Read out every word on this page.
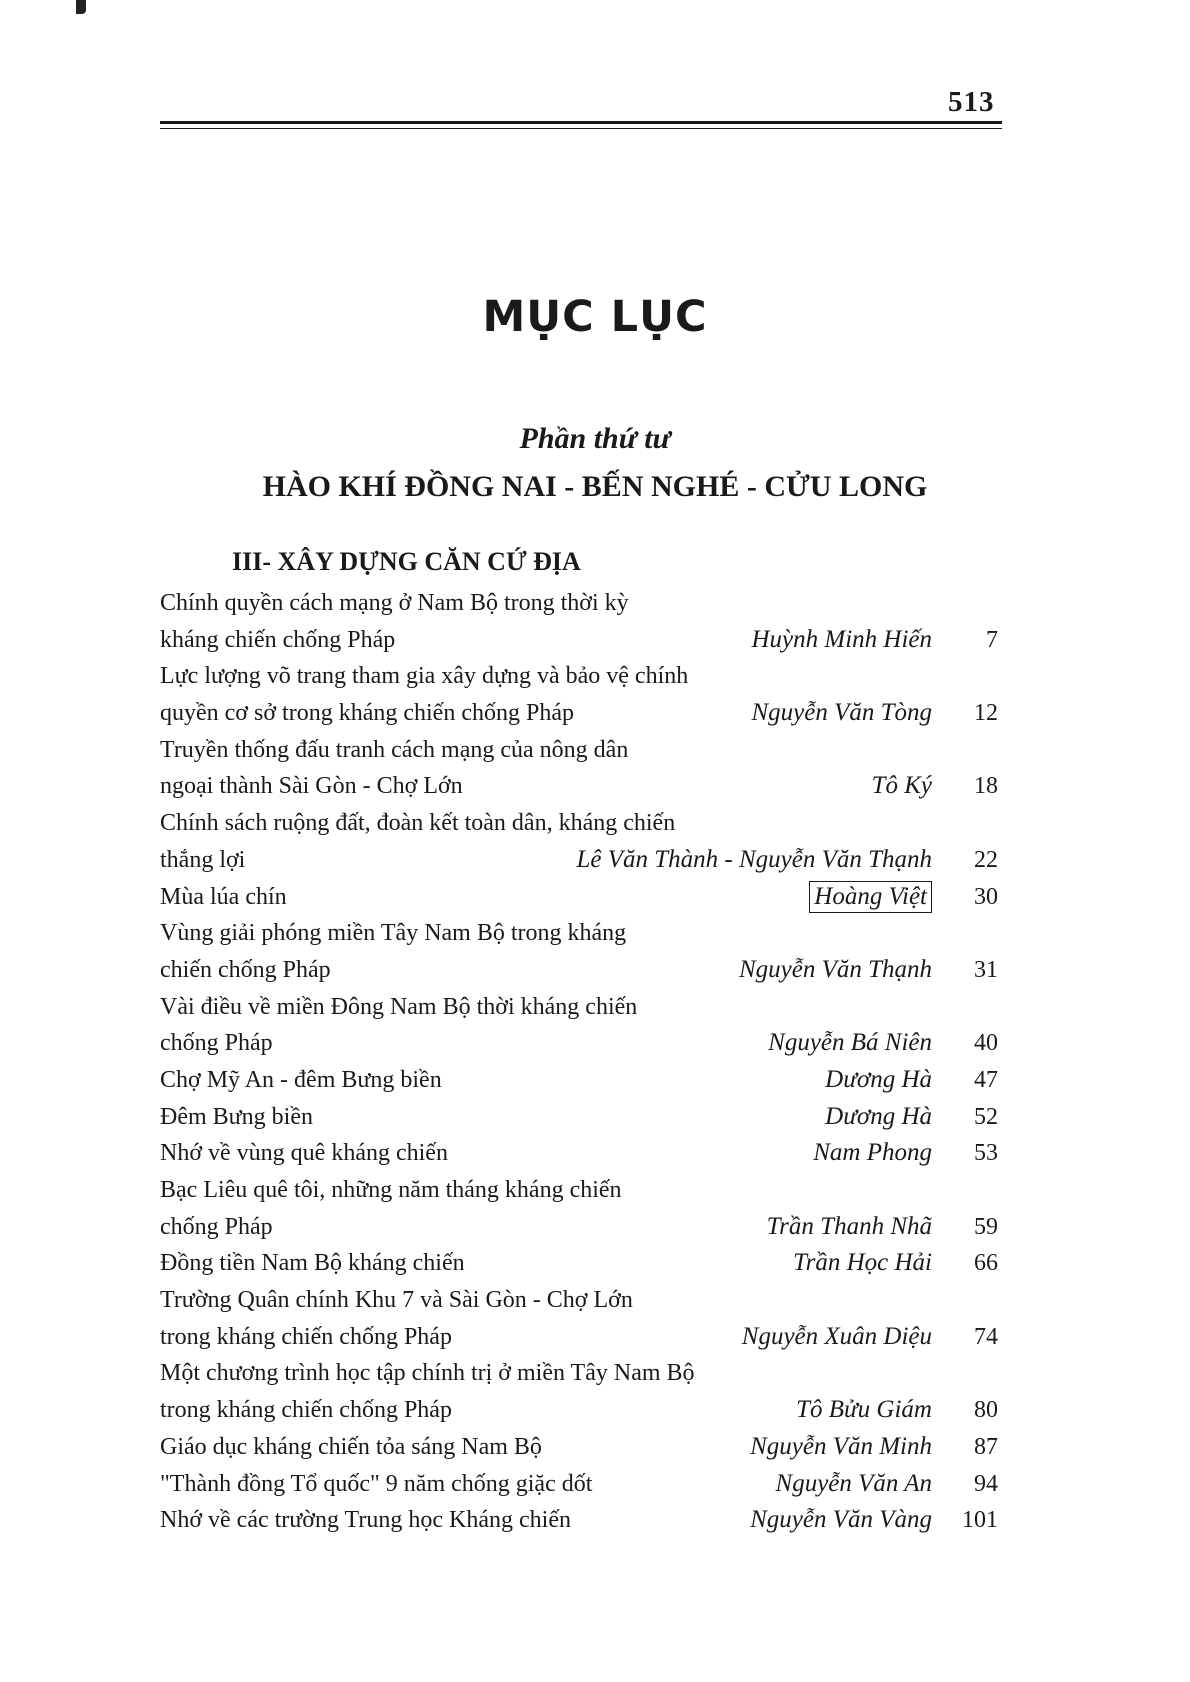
513
MỤC LỤC
Phần thứ tư
HÀO KHÍ ĐỒNG NAI - BẾN NGHÉ - CỬU LONG
III- XÂY DỰNG CĂN CỨ ĐỊA
Chính quyền cách mạng ở Nam Bộ trong thời kỳ
kháng chiến chống Pháp	Huỳnh Minh Hiến	7
Lực lượng võ trang tham gia xây dựng và bảo vệ chính
quyền cơ sở trong kháng chiến chống Pháp	Nguyễn Văn Tòng	12
Truyền thống đấu tranh cách mạng của nông dân
ngoại thành Sài Gòn - Chợ Lớn	Tô Ký	18
Chính sách ruộng đất, đoàn kết toàn dân, kháng chiến
thắng lợi	Lê Văn Thành - Nguyễn Văn Thạnh	22
Mùa lúa chín	Hoàng Việt	30
Vùng giải phóng miền Tây Nam Bộ trong kháng
chiến chống Pháp	Nguyễn Văn Thạnh	31
Vài điều về miền Đông Nam Bộ thời kháng chiến
chống Pháp	Nguyễn Bá Niên	40
Chợ Mỹ An - đêm Bưng biền	Dương Hà	47
Đêm Bưng biền	Dương Hà	52
Nhớ về vùng quê kháng chiến	Nam Phong	53
Bạc Liêu quê tôi, những năm tháng kháng chiến
chống Pháp	Trần Thanh Nhã	59
Đồng tiền Nam Bộ kháng chiến	Trần Học Hải	66
Trường Quân chính Khu 7 và Sài Gòn - Chợ Lớn
trong kháng chiến chống Pháp	Nguyễn Xuân Diệu	74
Một chương trình học tập chính trị ở miền Tây Nam Bộ
trong kháng chiến chống Pháp	Tô Bửu Giám	80
Giáo dục kháng chiến tỏa sáng Nam Bộ	Nguyễn Văn Minh	87
"Thành đồng Tổ quốc" 9 năm chống giặc dốt	Nguyễn Văn An	94
Nhớ về các trường Trung học Kháng chiến	Nguyễn Văn Vàng	101
